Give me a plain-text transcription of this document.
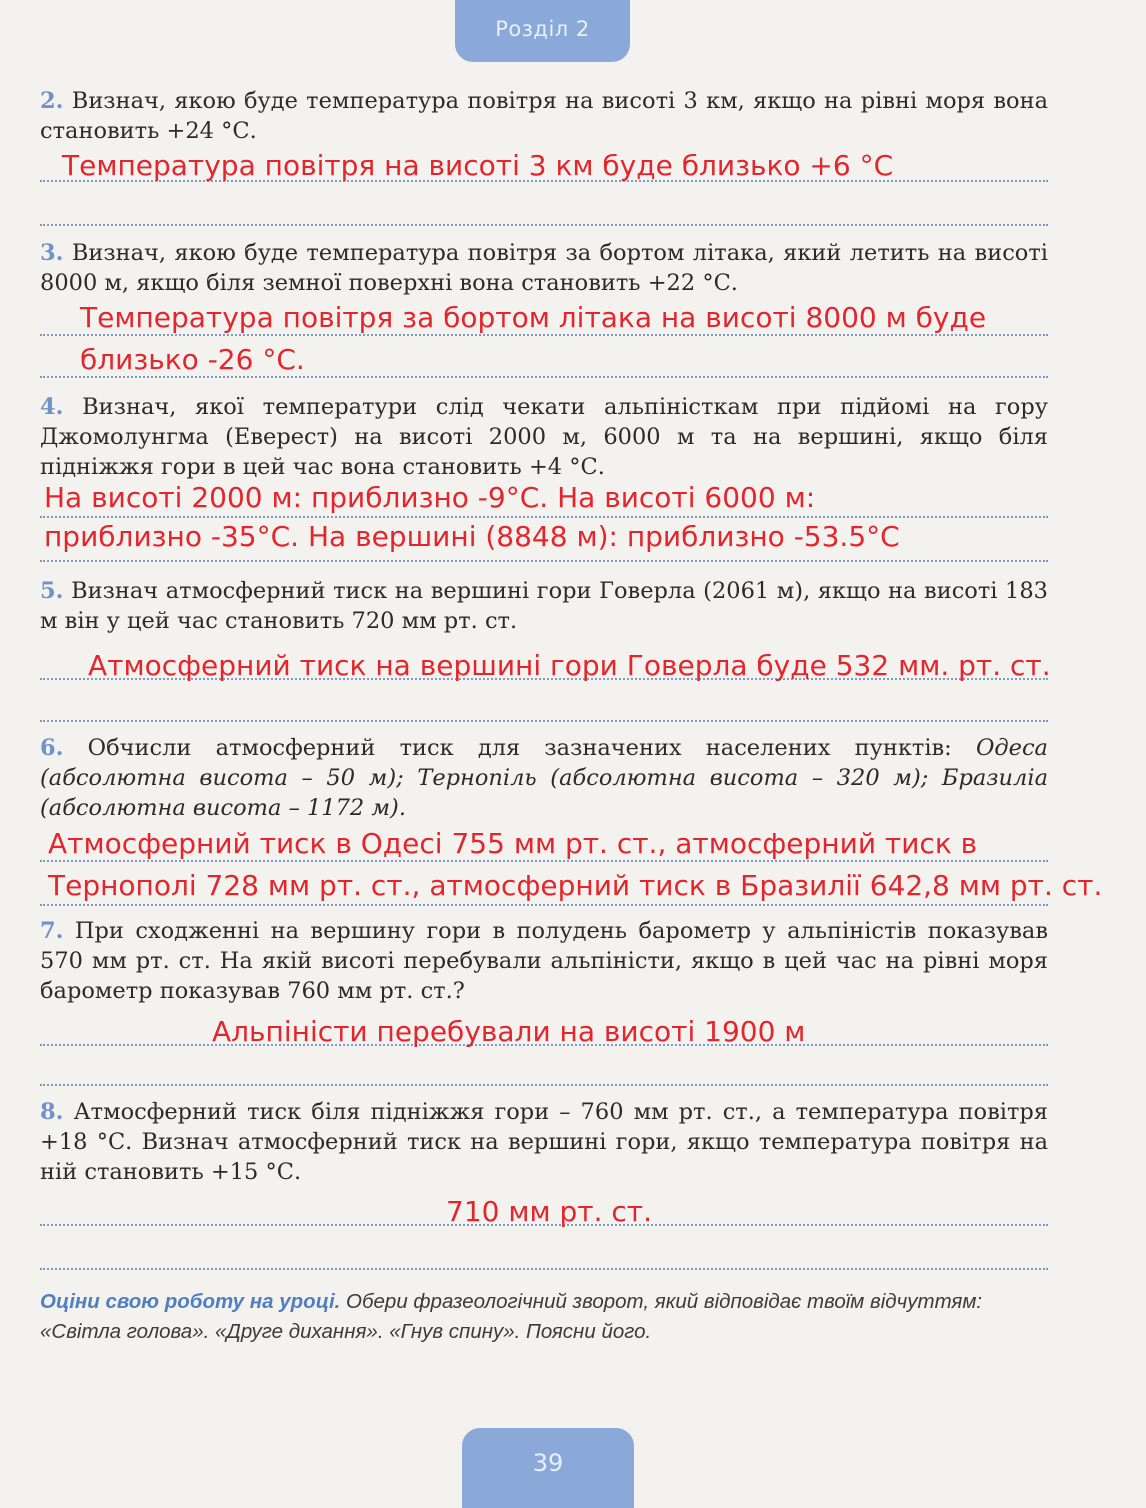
Розділ 2
2. Визнач, якою буде температура повітря на висоті 3 км, якщо на рівні моря вона становить +24 °С.
Температура повітря на висоті 3 км буде близько +6 °С
3. Визнач, якою буде температура повітря за бортом літака, який летить на висоті 8000 м, якщо біля земної поверхні вона становить +22 °С.
Температура повітря за бортом літака на висоті 8000 м буде
близько -26 °С.
4. Визнач, якої температури слід чекати альпіністкам при підйомі на гору Джомолунгма (Еверест) на висоті 2000 м, 6000 м та на вершині, якщо біля підніжжя гори в цей час вона становить +4 °С.
На висоті 2000 м: приблизно -9°С. На висоті 6000 м:
приблизно -35°С. На вершині (8848 м): приблизно -53.5°С
5. Визнач атмосферний тиск на вершині гори Говерла (2061 м), якщо на висоті 183 м він у цей час становить 720 мм рт. ст.
Атмосферний тиск на вершині гори Говерла буде 532 мм. рт. ст.
6. Обчисли атмосферний тиск для зазначених населених пунктів: Одеса (абсолютна висота – 50 м); Тернопіль (абсолютна висота – 320 м); Бразиліа (абсолютна висота – 1172 м).
Атмосферний тиск в Одесі 755 мм рт. ст., атмосферний тиск в
Тернополі 728 мм рт. ст., атмосферний тиск в Бразилії 642,8 мм рт. ст.
7. При сходженні на вершину гори в полудень барометр у альпіністів показував 570 мм рт. ст. На якій висоті перебували альпіністи, якщо в цей час на рівні моря барометр показував 760 мм рт. ст.?
Альпіністи перебували на висоті 1900 м
8. Атмосферний тиск біля підніжжя гори – 760 мм рт. ст., а температура повітря +18 °С. Визнач атмосферний тиск на вершині гори, якщо температура повітря на ній становить +15 °С.
710 мм рт. ст.
Оціни свою роботу на уроці. Обери фразеологічний зворот, який відповідає твоїм відчуттям: «Світла голова». «Друге дихання». «Гнув спину». Поясни його.
39
